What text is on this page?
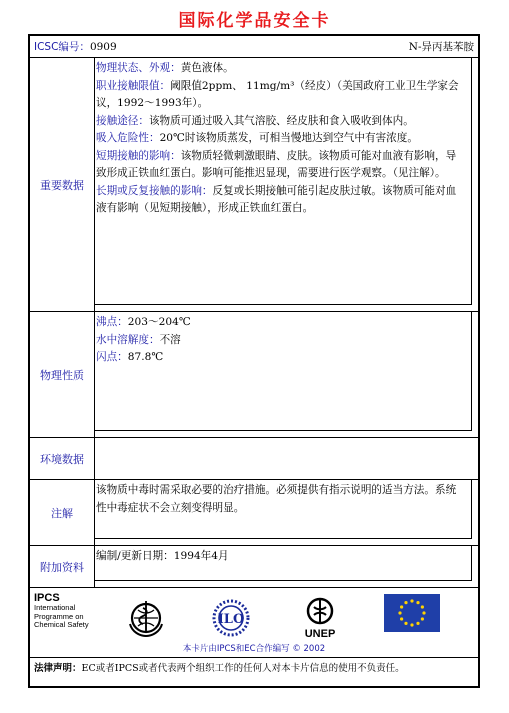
国际化学品安全卡
ICSC编号：0909	N-异丙基苯胺
重要数据
物理状态、外观：黄色液体。
职业接触限值：阈限值2ppm、 11mg/m³（经皮）（美国政府工业卫生学家会议，1992～1993年）。
接触途径：该物质可通过吸入其气溶胶、经皮肤和食入吸收到体内。
吸入危险性：20℃时该物质蒸发，可相当慢地达到空气中有害浓度。
短期接触的影响：该物质轻微刺激眼睛、皮肤。该物质可能对血液有影响，导致形成正铁血红蛋白。影响可能推迟显现，需要进行医学观察。（见注解）。
长期或反复接触的影响：反复或长期接触可能引起皮肤过敏。该物质可能对血液有影响（见短期接触），形成正铁血红蛋白。
物理性质
沸点：203～204℃
水中溶解度：不溶
闪点：87.8℃
环境数据
注解
该物质中毒时需采取必要的治疗措施。必须提供有指示说明的适当方法。系统性中毒症状不会立刻变得明显。
附加资料
编制/更新日期：1994年4月
IPCS
International
Programme on
Chemical Safety	ILO
UNEP
本卡片由IPCS和EC合作编写 © 2002
法律声明：EC或者IPCS或者代表两个组织工作的任何人对本卡片信息的使用不负责任。
